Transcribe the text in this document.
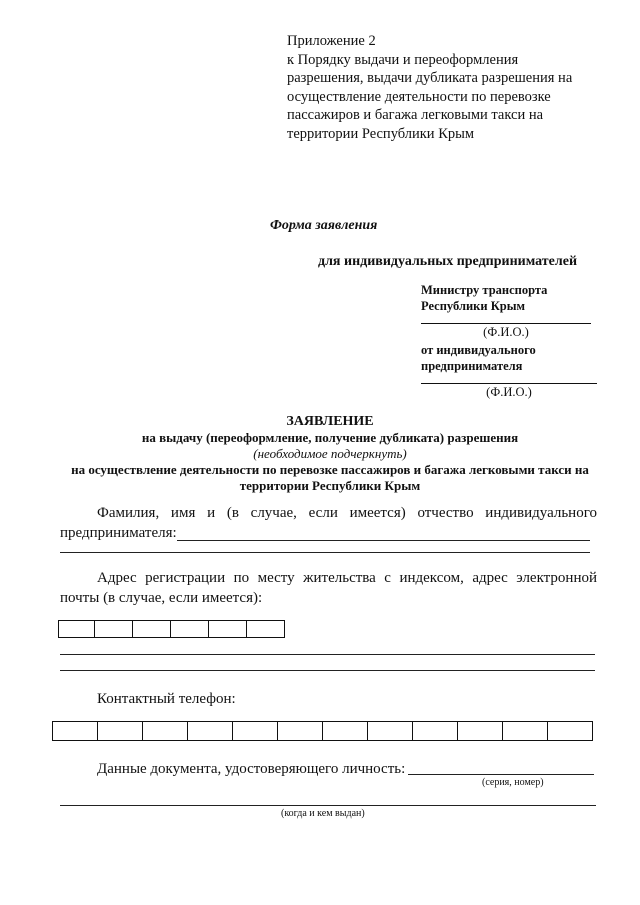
Приложение 2
к Порядку выдачи и переоформления
разрешения, выдачи дубликата разрешения на
осуществление деятельности по перевозке
пассажиров и багажа легковыми такси на
территории Республики Крым
Форма заявления
для индивидуальных предпринимателей
Министру транспорта
Республики Крым
(Ф.И.О.)
от индивидуального
предпринимателя
(Ф.И.О.)
ЗАЯВЛЕНИЕ
на выдачу (переоформление, получение дубликата) разрешения
(необходимое подчеркнуть)
на осуществление деятельности по перевозке пассажиров и багажа легковыми такси на
территории Республики Крым
Фамилия, имя и (в случае, если имеется) отчество индивидуального
предпринимателя:
Адрес регистрации по месту жительства с индексом, адрес электронной
почты (в случае, если имеется):
Контактный телефон:
Данные документа, удостоверяющего личность:
(серия, номер)
(когда и кем выдан)
